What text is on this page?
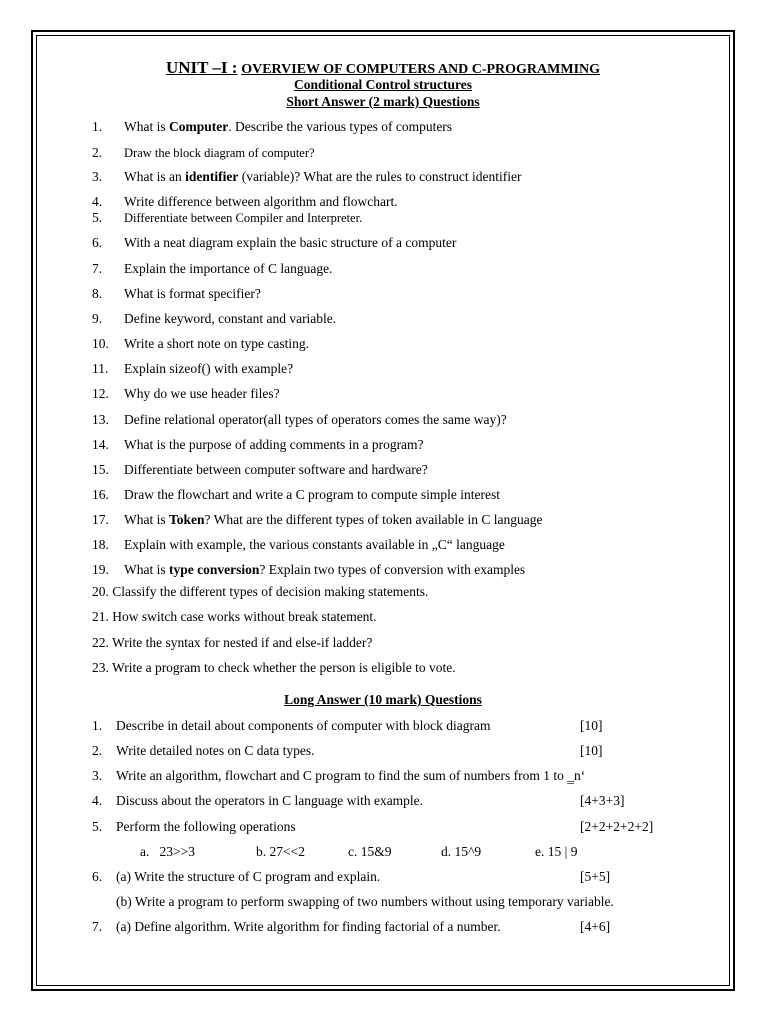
UNIT –I : OVERVIEW OF COMPUTERS AND C-PROGRAMMING
Conditional Control structures
Short Answer (2 mark) Questions
1. What is Computer. Describe the various types of computers
2. Draw the block diagram of computer?
3. What is an identifier (variable)? What are the rules to construct identifier
4. Write difference between algorithm and flowchart.
5. Differentiate between Compiler and Interpreter.
6. With a neat diagram explain the basic structure of a computer
7. Explain the importance of C language.
8. What is format specifier?
9. Define keyword, constant and variable.
10. Write a short note on type casting.
11. Explain sizeof() with example?
12. Why do we use header files?
13. Define relational operator(all types of operators comes the same way)?
14. What is the purpose of adding comments in a program?
15. Differentiate between computer software and hardware?
16. Draw the flowchart and write a C program to compute simple interest
17. What is Token? What are the different types of token available in C language
18. Explain with example, the various constants available in „C“ language
19. What is type conversion? Explain two types of conversion with examples
20. Classify the different types of decision making statements.
21. How switch case works without break statement.
22. Write the syntax for nested if and else-if ladder?
23. Write a program to check whether the person is eligible to vote.
Long Answer (10 mark) Questions
1. Describe in detail about components of computer with block diagram	[10]
2. Write detailed notes on C data types.	[10]
3. Write an algorithm, flowchart and C program to find the sum of numbers from 1 to ‗n‘
4. Discuss about the operators in C language with example.	[4+3+3]
5. Perform the following operations	[2+2+2+2+2]
a. 23>>3	b. 27<<2	c. 15&9	d. 15^9	e. 15 | 9
6. (a) Write the structure of C program and explain.	[5+5]
(b) Write a program to perform swapping of two numbers without using temporary variable.
7. (a) Define algorithm. Write algorithm for finding factorial of a number.	[4+6]
